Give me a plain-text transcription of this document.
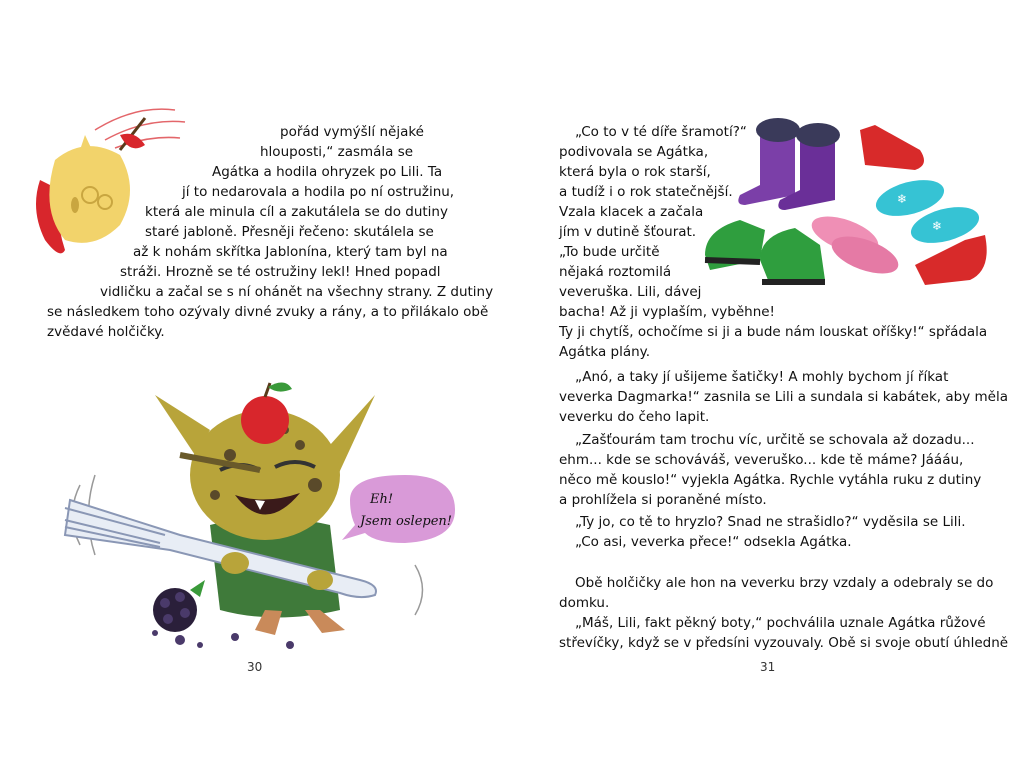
pořád vymýšlí nějaké
hlouposti,“ zasmála se
Agátka a hodila ohryzek po Lili. Ta
jí to nedarovala a hodila po ní ostružinu,
která ale minula cíl a zakutálela se do dutiny
staré jabloně. Přesněji řečeno: skutálela se
až k nohám skřítka Jablonína, který tam byl na
stráži. Hrozně se té ostružiny lekl! Hned popadl
vidličku a začal se s ní ohánět na všechny strany. Z dutiny
se následkem toho ozývaly divné zvuky a rány, a to přilákalo obě
zvědavé holčičky.
Eh!
Jsem oslepen!
30
❄
❄
„Co to v té díře šramotí?“
podivovala se Agátka,
která byla o rok starší,
a tudíž i o rok statečnější.
Vzala klacek a začala
jím v dutině šťourat.
„To bude určitě
nějaká roztomilá
veveruška. Lili, dávej
bacha! Až ji vyplaším, vyběhne!
Ty ji chytíš, ochočíme si ji a bude nám louskat oříšky!“ spřádala
Agátka plány.
„Anó, a taky jí ušijeme šatičky! A mohly bychom jí říkat
veverka Dagmarka!“ zasnila se Lili a sundala si kabátek, aby měla
veverku do čeho lapit.
„Zašťourám tam trochu víc, určitě se schovala až dozadu...
ehm... kde se schováváš, veveruško... kde tě máme? Jáááu,
něco mě kouslo!“ vyjekla Agátka. Rychle vytáhla ruku z dutiny
a prohlížela si poraněné místo.
„Ty jo, co tě to hryzlo? Snad ne strašidlo?“ vyděsila se Lili.
„Co asi, veverka přece!“ odsekla Agátka.
Obě holčičky ale hon na veverku brzy vzdaly a odebraly se do
domku.
„Máš, Lili, fakt pěkný boty,“ pochválila uznale Agátka růžové
střevíčky, když se v předsíni vyzouvaly. Obě si svoje obutí úhledně
31
